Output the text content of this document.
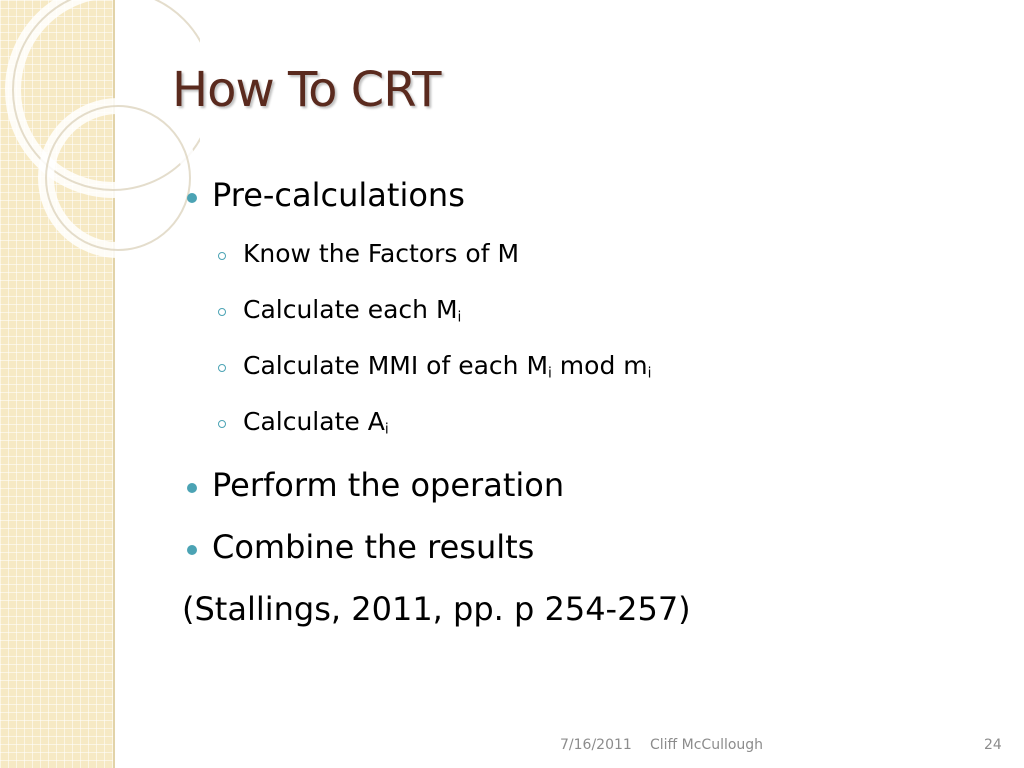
How To CRT
Pre-calculations
Know the Factors of M
Calculate each $M_i$
Calculate MMI of each $M_i$ mod $m_i$
Calculate $A_i$
Perform the operation
Combine the results
(Stallings, 2011, pp. p 254-257)
7/16/2011 Cliff McCullough	24
